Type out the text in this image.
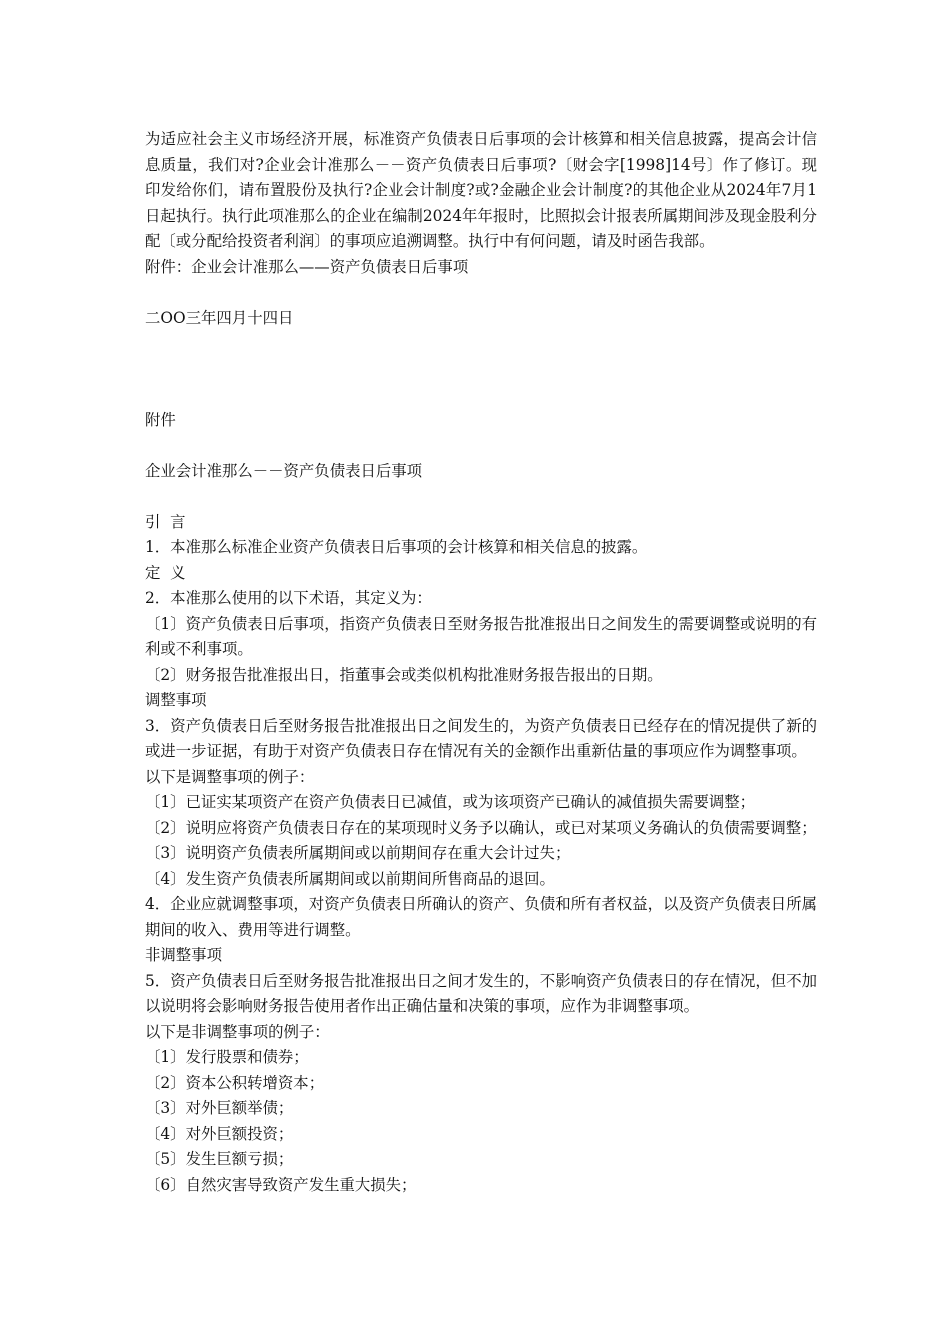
为适应社会主义市场经济开展，标准资产负债表日后事项的会计核算和相关信息披露，提高会计信息质量，我们对?企业会计准那么－－资产负债表日后事项?〔财会字[1998]14号〕作了修订。现印发给你们，请布置股份及执行?企业会计制度?或?金融企业会计制度?的其他企业从2024年7月1日起执行。执行此项准那么的企业在编制2024年年报时，比照拟会计报表所属期间涉及现金股利分配〔或分配给投资者利润〕的事项应追溯调整。执行中有何问题，请及时函告我部。

附件：企业会计准那么——资产负债表日后事项

二OO三年四月十四日

附件

企业会计准那么－－资产负债表日后事项

引  言

1．本准那么标准企业资产负债表日后事项的会计核算和相关信息的披露。

定  义

2．本准那么使用的以下术语，其定义为：

〔1〕资产负债表日后事项，指资产负债表日至财务报告批准报出日之间发生的需要调整或说明的有利或不利事项。

〔2〕财务报告批准报出日，指董事会或类似机构批准财务报告报出的日期。

调整事项

3．资产负债表日后至财务报告批准报出日之间发生的，为资产负债表日已经存在的情况提供了新的或进一步证据，有助于对资产负债表日存在情况有关的金额作出重新估量的事项应作为调整事项。

以下是调整事项的例子：

〔1〕已证实某项资产在资产负债表日已减值，或为该项资产已确认的减值损失需要调整；

〔2〕说明应将资产负债表日存在的某项现时义务予以确认，或已对某项义务确认的负债需要调整；

〔3〕说明资产负债表所属期间或以前期间存在重大会计过失；

〔4〕发生资产负债表所属期间或以前期间所售商品的退回。

4．企业应就调整事项，对资产负债表日所确认的资产、负债和所有者权益，以及资产负债表日所属期间的收入、费用等进行调整。

非调整事项

5．资产负债表日后至财务报告批准报出日之间才发生的，不影响资产负债表日的存在情况，但不加以说明将会影响财务报告使用者作出正确估量和决策的事项，应作为非调整事项。

以下是非调整事项的例子：

〔1〕发行股票和债券；

〔2〕资本公积转增资本；

〔3〕对外巨额举债；

〔4〕对外巨额投资；

〔5〕发生巨额亏损；

〔6〕自然灾害导致资产发生重大损失；
